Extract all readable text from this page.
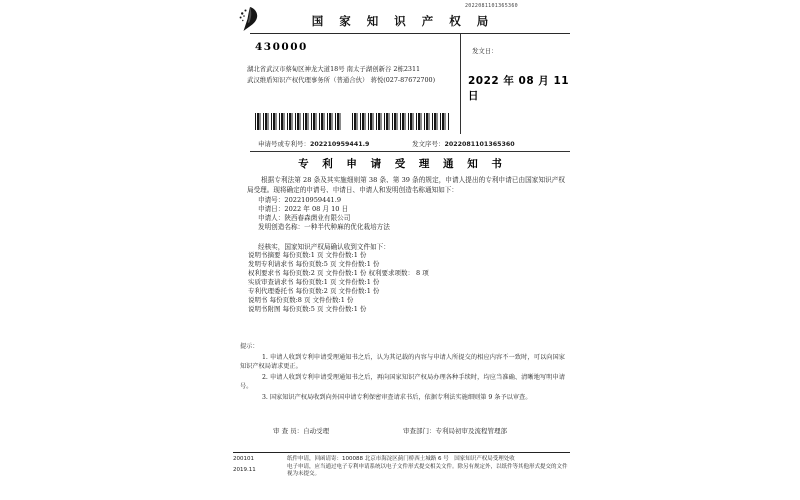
2022081101365360
国 家 知 识 产 权 局
430000
湖北省武汉市蔡甸区神龙大道18号 南太子湖创新谷 2栋2311
武汉维盾知识产权代理事务所（普通合伙） 蒋悦(027-87672700)
发文日：
2022 年 08 月 11 日
申请号或专利号：202210959441.9	发文序号：2022081101365360
专 利 申 请 受 理 通 知 书
根据专利法第 28 条及其实施细则第 38 条、第 39 条的规定，申请人提出的专利申请已由国家知识产权局受理。现将确定的申请号、申请日、申请人和发明创造名称通知如下：
申请号：202210959441.9
申请日：2022 年 08 月 10 日
申请人：陕西春森菌业有限公司
发明创造名称：一种半代种麻的优化栽培方法
经核实，国家知识产权局确认收到文件如下：
说明书摘要 每份页数:1 页 文件份数:1 份
发明专利请求书 每份页数:5 页 文件份数:1 份
权利要求书 每份页数:2 页 文件份数:1 份 权利要求项数： 8 项
实质审查请求书 每份页数:1 页 文件份数:1 份
专利代理委托书 每份页数:2 页 文件份数:1 份
说明书 每份页数:8 页 文件份数:1 份
说明书附图 每份页数:5 页 文件份数:1 份

提示：

1. 申请人收到专利申请受理通知书之后，认为其记载的内容与申请人所提交的相应内容不一致时，可以向国家知识产权局请求更正。

2. 申请人收到专利申请受理通知书之后，再向国家知识产权局办理各种手续时，均应当准确、清晰地写明申请号。

3. 国家知识产权局收到向外国申请专利保密审查请求书后，依据专利法实施细则第 9 条予以审查。

审 查 员：自动受理	审查部门：专利局初审及流程管理部
200101
2019.11
纸件申请，回函请寄：100088 北京市海淀区蓟门桥西土城路 6 号　国家知识产权局受理处收
电子申请，应当通过电子专利申请系统以电子文件形式提交相关文件。除另有规定外，以纸件等其他形式提交的文件视为未提交。
